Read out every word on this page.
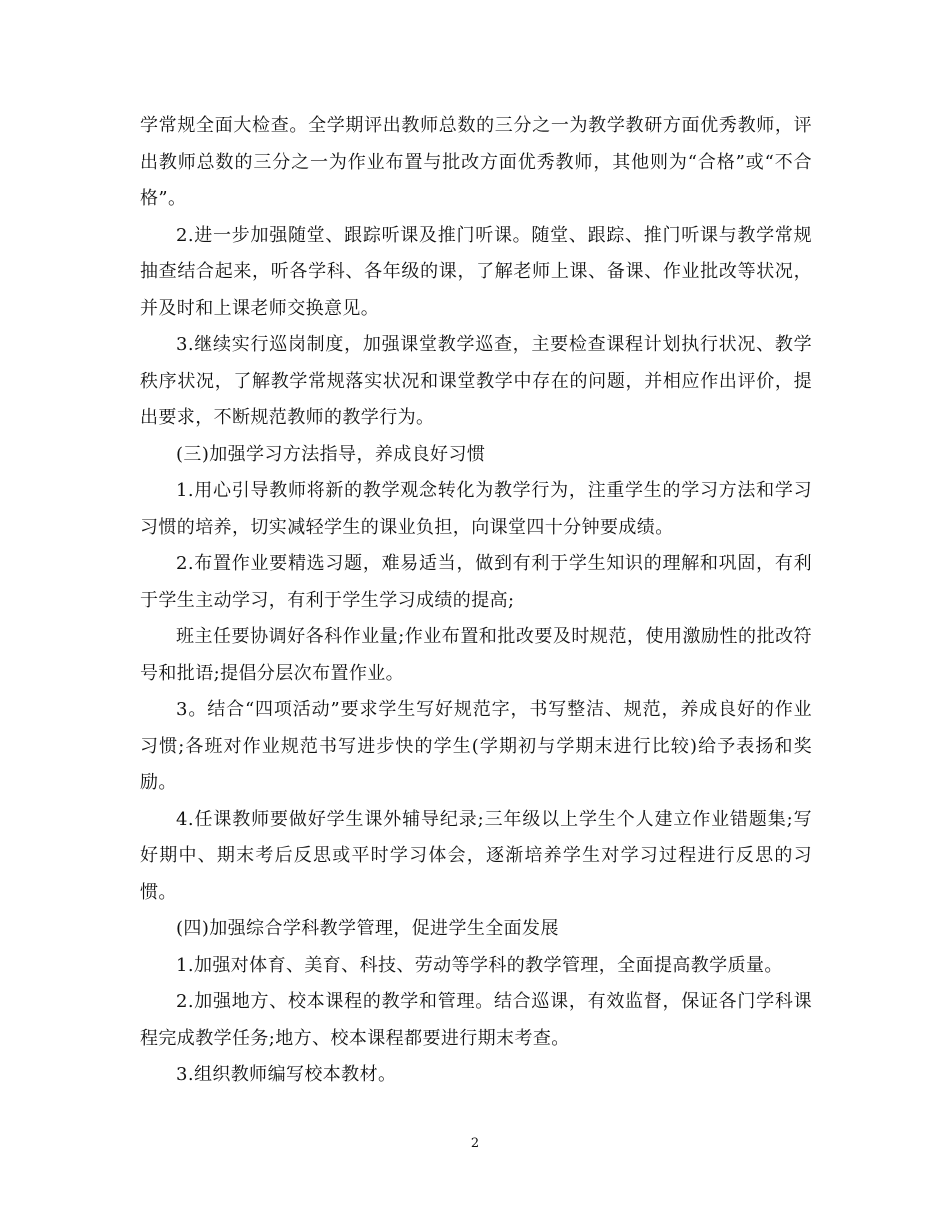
学常规全面大检查。全学期评出教师总数的三分之一为教学教研方面优秀教师，评出教师总数的三分之一为作业布置与批改方面优秀教师，其他则为“合格”或“不合格”。

2.进一步加强随堂、跟踪听课及推门听课。随堂、跟踪、推门听课与教学常规抽查结合起来，听各学科、各年级的课，了解老师上课、备课、作业批改等状况，并及时和上课老师交换意见。

3.继续实行巡岗制度，加强课堂教学巡查，主要检查课程计划执行状况、教学秩序状况，了解教学常规落实状况和课堂教学中存在的问题，并相应作出评价，提出要求，不断规范教师的教学行为。

(三)加强学习方法指导，养成良好习惯

1.用心引导教师将新的教学观念转化为教学行为，注重学生的学习方法和学习习惯的培养，切实减轻学生的课业负担，向课堂四十分钟要成绩。

2.布置作业要精选习题，难易适当，做到有利于学生知识的理解和巩固，有利于学生主动学习，有利于学生学习成绩的提高;

班主任要协调好各科作业量;作业布置和批改要及时规范，使用激励性的批改符号和批语;提倡分层次布置作业。

3。结合“四项活动”要求学生写好规范字，书写整洁、规范，养成良好的作业习惯;各班对作业规范书写进步快的学生(学期初与学期末进行比较)给予表扬和奖励。

4.任课教师要做好学生课外辅导纪录;三年级以上学生个人建立作业错题集;写好期中、期末考后反思或平时学习体会，逐渐培养学生对学习过程进行反思的习惯。

(四)加强综合学科教学管理，促进学生全面发展

1.加强对体育、美育、科技、劳动等学科的教学管理，全面提高教学质量。

2.加强地方、校本课程的教学和管理。结合巡课，有效监督，保证各门学科课程完成教学任务;地方、校本课程都要进行期末考查。

3.组织教师编写校本教材。

2
